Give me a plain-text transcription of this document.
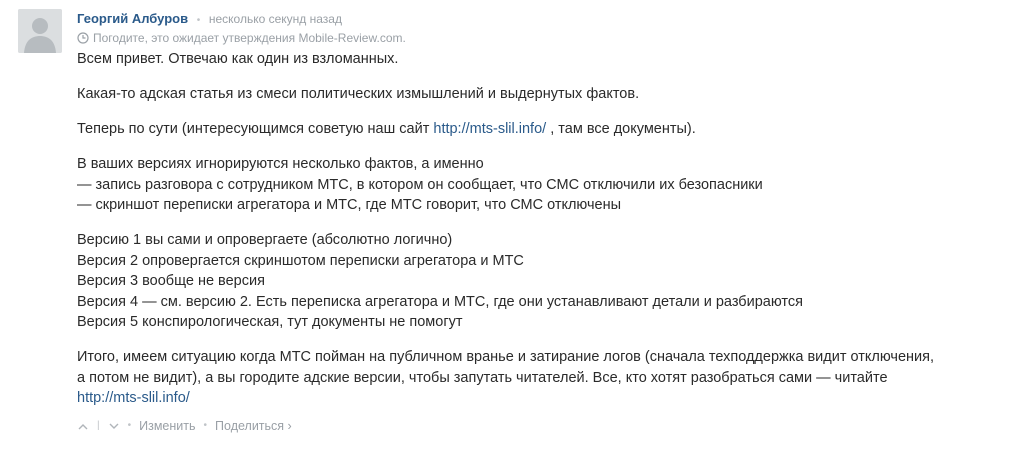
Георгий Албуров • несколько секунд назад
Погодите, это ожидает утверждения Mobile-Review.com.

Всем привет. Отвечаю как один из взломанных.

Какая-то адская статья из смеси политических измышлений и выдернутых фактов.

Теперь по сути (интересующимся советую наш сайт http://mts-slil.info/ , там все документы).

В ваших версиях игнорируются несколько фактов, а именно
— запись разговора с сотрудником МТС, в котором он сообщает, что СМС отключили их безопасники
— скриншот переписки агрегатора и МТС, где МТС говорит, что СМС отключены

Версию 1 вы сами и опровергаете (абсолютно логично)
Версия 2 опровергается скриншотом переписки агрегатора и МТС
Версия 3 вообще не версия
Версия 4 — см. версию 2. Есть переписка агрегатора и МТС, где они устанавливают детали и разбираются
Версия 5 конспирологическая, тут документы не помогут

Итого, имеем ситуацию когда МТС пойман на публичном вранье и затирание логов (сначала техподдержка видит отключения,
а потом не видит), а вы городите адские версии, чтобы запутать читателей. Все, кто хотят разобраться сами — читайте
http://mts-slil.info/

|	• Изменить • Поделиться ›
